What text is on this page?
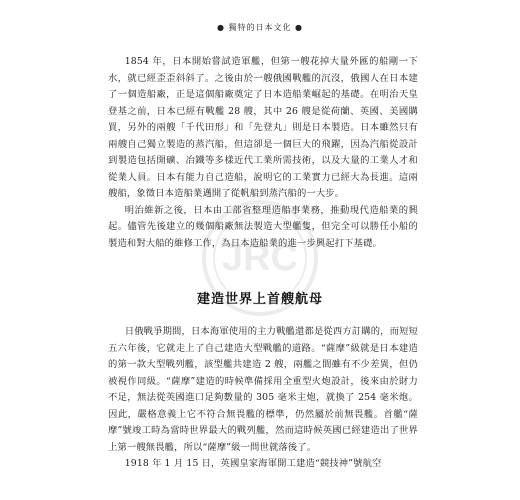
● 獨特的日本文化 ●
JRC

1854 年，日本開始嘗試造軍艦，但第一艘花掉大量外匯的船剛一下水，就已經歪歪斜斜了。之後由於一艘俄國戰艦的沉沒，俄國人在日本建了一個造船廠，正是這個船廠奠定了日本造船業崛起的基礎。在明治天皇登基之前，日本已經有戰艦 28 艘，其中 26 艘是從荷蘭、英國、美國購買，另外的兩艘「千代田形」和「先登丸」則是日本製造。日本雖然只有兩艘自己獨立製造的蒸汽船，但這卻是一個巨大的飛躍，因為汽船從設計到製造包括開礦、冶鐵等多樣近代工業所需技術，以及大量的工業人才和從業人員。日本有能力自己造船，說明它的工業實力已經大為長進。這兩艘船，象徵日本造船業邁開了從帆船到蒸汽船的一大步。

明治維新之後，日本由工部省整理造船事業務，推動現代造船業的興起。儘管先後建立的幾個船廠無法製造大型艦隻，但完全可以勝任小船的製造和對大船的維修工作，為日本造船業的進一步興起打下基礎。

建造世界上首艘航母

日俄戰爭期間，日本海軍使用的主力戰艦還都是從西方訂購的，而短短五六年後，它就走上了自己建造大型戰艦的道路。“薩摩”級就是日本建造的第一款大型戰列艦，該型艦共建造 2 艘，兩艦之間雖有不少差異，但仍被視作同級。“薩摩”建造的時候準備採用全重型火炮設計，後來由於財力不足，無法從英國進口足夠數量的 305 毫米主炮，就換了 254 毫米炮。因此，嚴格意義上它不符合無畏艦的標準，仍然屬於前無畏艦。首艦“薩摩”號竣工時為當時世界最大的戰列艦，然而這時候英國已經建造出了世界上第一艘無畏艦，所以“薩摩”級一問世就落後了。

1918 年 1 月 15 日，英國皇家海軍開工建造“競技神”號航空
